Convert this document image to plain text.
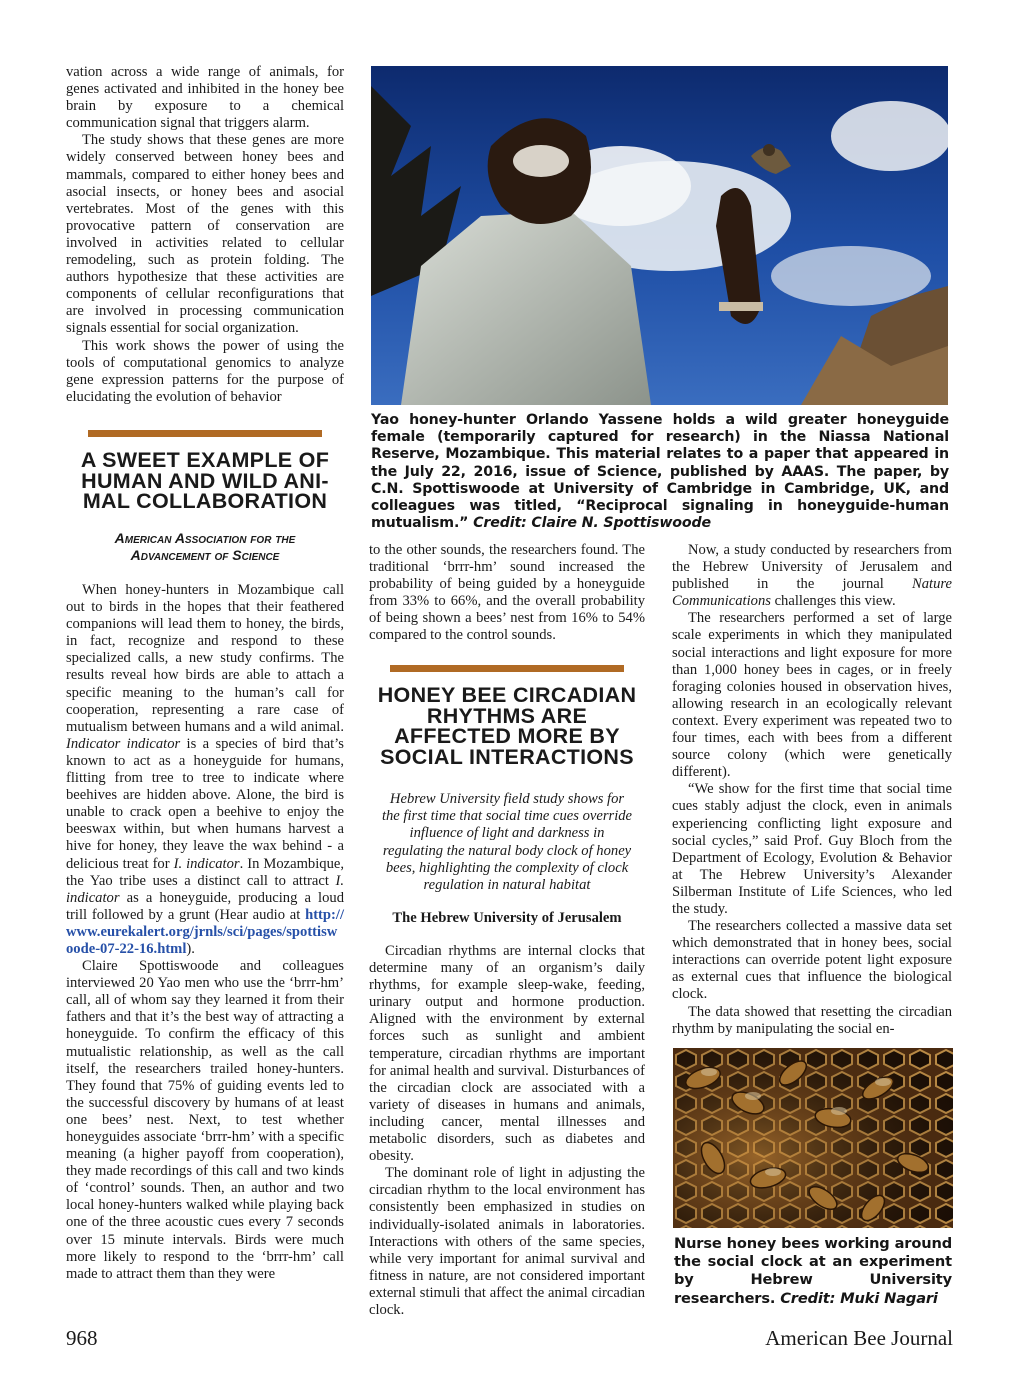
vation across a wide range of animals, for genes activated and inhibited in the honey bee brain by exposure to a chemical communication signal that triggers alarm.

The study shows that these genes are more widely conserved between honey bees and mammals, compared to either honey bees and asocial insects, or honey bees and asocial vertebrates. Most of the genes with this provocative pattern of conservation are involved in activities related to cellular remodeling, such as protein folding. The authors hypothesize that these activities are components of cellular reconfigurations that are involved in processing communication signals essential for social organization.

This work shows the power of using the tools of computational genomics to analyze gene expression patterns for the purpose of elucidating the evolution of behavior

A SWEET EXAMPLE OF
HUMAN AND WILD ANI-
MAL COLLABORATION
American Association for the
Advancement of Science

When honey-hunters in Mozambique call out to birds in the hopes that their feathered companions will lead them to honey, the birds, in fact, recognize and respond to these specialized calls, a new study confirms. The results reveal how birds are able to attach a specific meaning to the human’s call for cooperation, representing a rare case of mutualism between humans and a wild animal. Indicator indicator is a species of bird that’s known to act as a honeyguide for humans, flitting from tree to tree to indicate where beehives are hidden above. Alone, the bird is unable to crack open a beehive to enjoy the beeswax within, but when humans harvest a hive for honey, they leave the wax behind - a delicious treat for I. indicator. In Mozambique, the Yao tribe uses a distinct call to attract I. indicator as a honeyguide, producing a loud trill followed by a grunt (Hear audio at http://www.eurekalert.org/jrnls/sci/pages/spottiswoode-07-22-16.html).

Claire Spottiswoode and colleagues interviewed 20 Yao men who use the ‘brrr-hm’ call, all of whom say they learned it from their fathers and that it’s the best way of attracting a honeyguide. To confirm the efficacy of this mutualistic relationship, as well as the call itself, the researchers trailed honey-hunters. They found that 75% of guiding events led to the successful discovery by humans of at least one bees’ nest. Next, to test whether honeyguides associate ‘brrr-hm’ with a specific meaning (a higher payoff from cooperation), they made recordings of this call and two kinds of ‘control’ sounds. Then, an author and two local honey-hunters walked while playing back one of the three acoustic cues every 7 seconds over 15 minute intervals. Birds were much more likely to respond to the ‘brrr-hm’ call made to attract them than they were

Yao honey-hunter Orlando Yassene holds a wild greater honeyguide female (temporarily captured for research) in the Niassa National Reserve, Mozambique. This material relates to a paper that appeared in the July 22, 2016, issue of Science, published by AAAS. The paper, by C.N. Spottiswoode at University of Cambridge in Cambridge, UK, and colleagues was titled, “Reciprocal signaling in honeyguide-human mutualism.” Credit: Claire N. Spottiswoode

to the other sounds, the researchers found. The traditional ‘brrr-hm’ sound increased the probability of being guided by a honeyguide from 33% to 66%, and the overall probability of being shown a bees’ nest from 16% to 54% compared to the control sounds.

HONEY BEE CIRCADIAN
RHYTHMS ARE
AFFECTED MORE BY
SOCIAL INTERACTIONS
Hebrew University field study shows for
the first time that social time cues override
influence of light and darkness in
regulating the natural body clock of honey
bees, highlighting the complexity of clock
regulation in natural habitat
The Hebrew University of Jerusalem

Circadian rhythms are internal clocks that determine many of an organism’s daily rhythms, for example sleep-wake, feeding, urinary output and hormone production. Aligned with the environment by external forces such as sunlight and ambient temperature, circadian rhythms are important for animal health and survival. Disturbances of the circadian clock are associated with a variety of diseases in humans and animals, including cancer, mental illnesses and metabolic disorders, such as diabetes and obesity.

The dominant role of light in adjusting the circadian rhythm to the local environment has consistently been emphasized in studies on individually-isolated animals in laboratories. Interactions with others of the same species, while very important for animal survival and fitness in nature, are not considered important external stimuli that affect the animal circadian clock.

Now, a study conducted by researchers from the Hebrew University of Jerusalem and published in the journal Nature Communications challenges this view.

The researchers performed a set of large scale experiments in which they manipulated social interactions and light exposure for more than 1,000 honey bees in cages, or in freely foraging colonies housed in observation hives, allowing research in an ecologically relevant context. Every experiment was repeated two to four times, each with bees from a different source colony (which were genetically different).

“We show for the first time that social time cues stably adjust the clock, even in animals experiencing conflicting light exposure and social cycles,” said Prof. Guy Bloch from the Department of Ecology, Evolution & Behavior at The Hebrew University’s Alexander Silberman Institute of Life Sciences, who led the study.

The researchers collected a massive data set which demonstrated that in honey bees, social interactions can override potent light exposure as external cues that influence the biological clock.

The data showed that resetting the circadian rhythm by manipulating the social en-

Nurse honey bees working around the social clock at an experiment by Hebrew University researchers. Credit: Muki Nagari
968	American Bee Journal
